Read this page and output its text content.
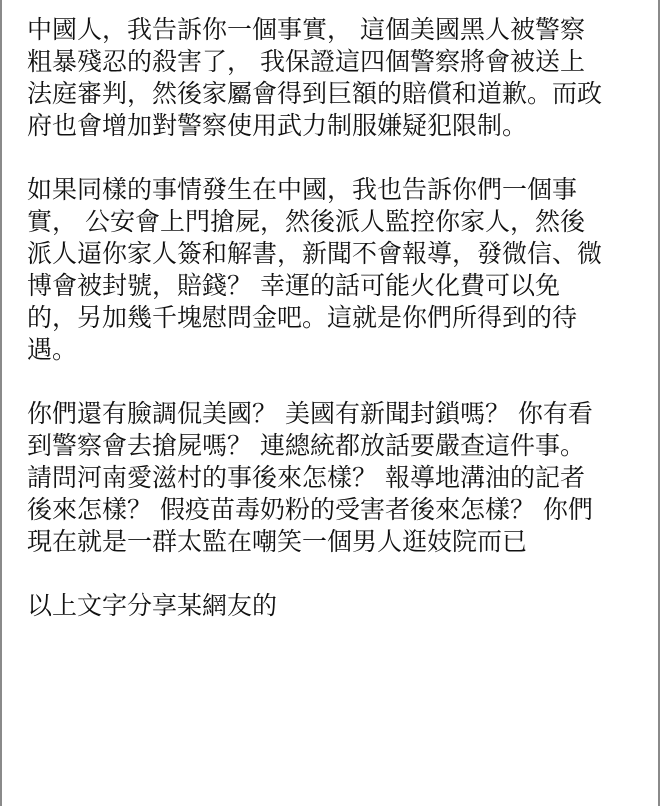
中國人，我告訴你一個事實， 這個美國黑人被警察
粗暴殘忍的殺害了， 我保證這四個警察將會被送上
法庭審判，然後家屬會得到巨額的賠償和道歉。而政
府也會增加對警察使用武力制服嫌疑犯限制。
如果同樣的事情發生在中國，我也告訴你們一個事
實， 公安會上門搶屍，然後派人監控你家人，然後
派人逼你家人簽和解書，新聞不會報導，發微信、微
博會被封號，賠錢？ 幸運的話可能火化費可以免
的，另加幾千塊慰問金吧。這就是你們所得到的待
遇。
你們還有臉調侃美國？ 美國有新聞封鎖嗎？ 你有看
到警察會去搶屍嗎？ 連總統都放話要嚴查這件事。
請問河南愛滋村的事後來怎樣？ 報導地溝油的記者
後來怎樣？ 假疫苗毒奶粉的受害者後來怎樣？ 你們
現在就是一群太監在嘲笑一個男人逛妓院而已
以上文字分享某網友的
